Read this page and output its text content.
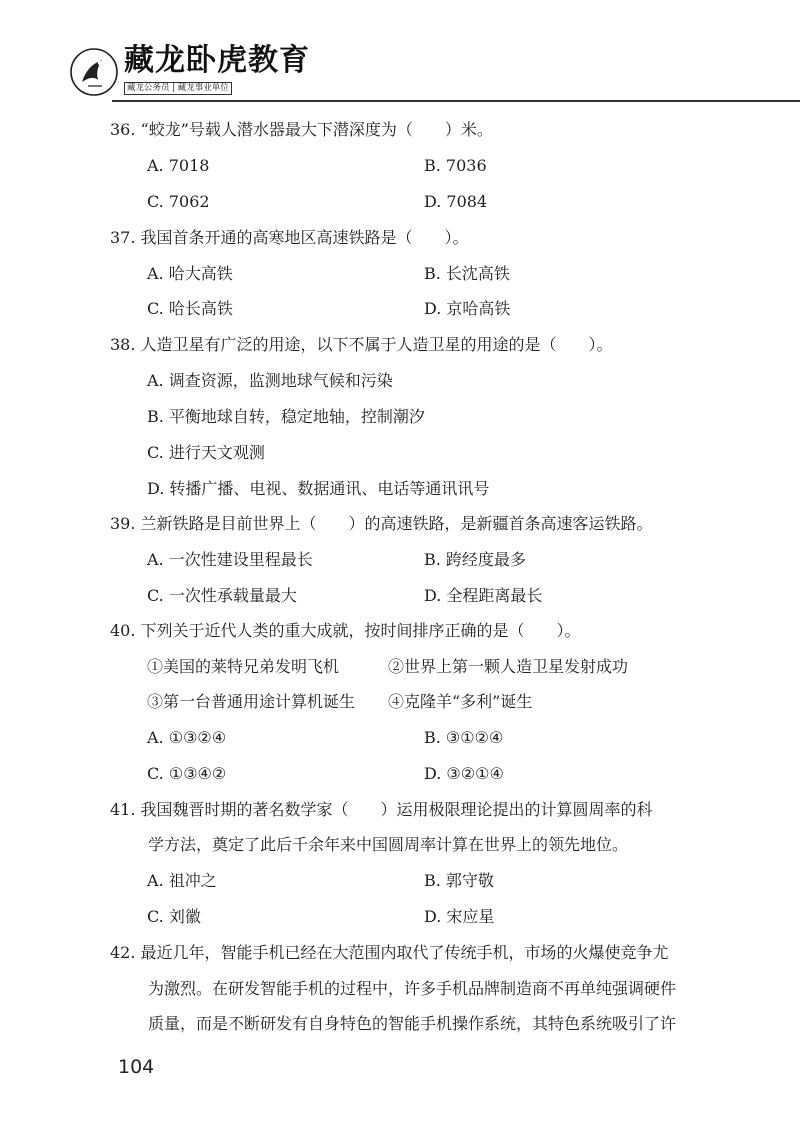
藏龙卧虎教育
藏龙公务员 | 藏龙事业单位
36. “蛟龙”号载人潜水器最大下潜深度为（　　）米。
A. 7018	B. 7036
C. 7062	D. 7084
37. 我国首条开通的高寒地区高速铁路是（　　）。
A. 哈大高铁	B. 长沈高铁
C. 哈长高铁	D. 京哈高铁
38. 人造卫星有广泛的用途，以下不属于人造卫星的用途的是（　　）。
A. 调查资源，监测地球气候和污染
B. 平衡地球自转，稳定地轴，控制潮汐
C. 进行天文观测
D. 转播广播、电视、数据通讯、电话等通讯讯号
39. 兰新铁路是目前世界上（　　）的高速铁路，是新疆首条高速客运铁路。
A. 一次性建设里程最长	B. 跨经度最多
C. 一次性承载量最大	D. 全程距离最长
40. 下列关于近代人类的重大成就，按时间排序正确的是（　　）。
①美国的莱特兄弟发明飞机	②世界上第一颗人造卫星发射成功
③第一台普通用途计算机诞生 ④克隆羊“多利”诞生
A. ①③②④	B. ③①②④
C. ①③④②	D. ③②①④
41. 我国魏晋时期的著名数学家（　　）运用极限理论提出的计算圆周率的科
学方法，奠定了此后千余年来中国圆周率计算在世界上的领先地位。
A. 祖冲之	B. 郭守敬
C. 刘徽	D. 宋应星
42. 最近几年，智能手机已经在大范围内取代了传统手机，市场的火爆使竞争尤
为激烈。在研发智能手机的过程中，许多手机品牌制造商不再单纯强调硬件
质量，而是不断研发有自身特色的智能手机操作系统，其特色系统吸引了许
104
